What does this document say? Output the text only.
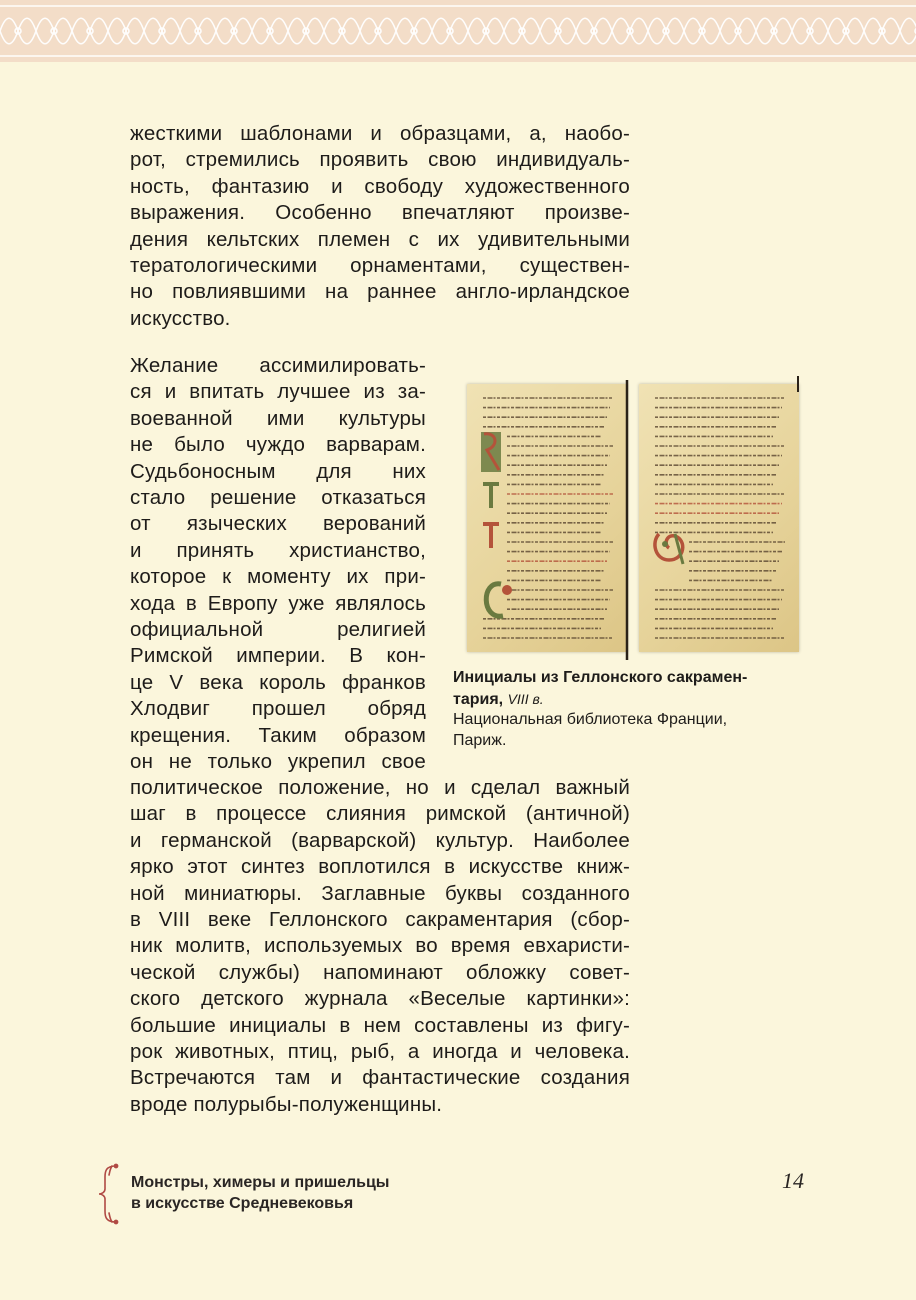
жесткими шаблонами и образцами, а, наобо-
рот, стремились проявить свою индивидуаль-
ность, фантазию и свободу художественного
выражения. Особенно впечатляют произве-
дения кельтских племен с их удивительными
тератологическими орнаментами, существен-
но повлиявшими на раннее англо-ирландское
искусство.

Желание ассимилировать-
ся и впитать лучшее из за-
воеванной ими культуры
не было чуждо варварам.
Судьбоносным для них
стало решение отказаться
от языческих верований
и принять христианство,
которое к моменту их при-
хода в Европу уже являлось
официальной религией
Римской империи. В кон-
це V века король франков
Хлодвиг прошел обряд
крещения. Таким образом
он не только укрепил свое

политическое положение, но и сделал важный
шаг в процессе слияния римской (античной)
и германской (варварской) культур. Наиболее
ярко этот синтез воплотился в искусстве книж-
ной миниатюры. Заглавные буквы созданного
в VIII веке Геллонского сакраментария (сбор-
ник молитв, используемых во время евхаристи-
ческой службы) напоминают обложку совет-
ского детского журнала «Веселые картинки»:
большие инициалы в нем составлены из фигу-
рок животных, птиц, рыб, а иногда и человека.
Встречаются там и фантастические создания
вроде полурыбы-полуженщины.

Инициалы из Геллонского сакрамен-
тария, VIII в.
Национальная библиотека Франции,
Париж.
Монстры, химеры и пришельцы
в искусстве Средневековья
14
